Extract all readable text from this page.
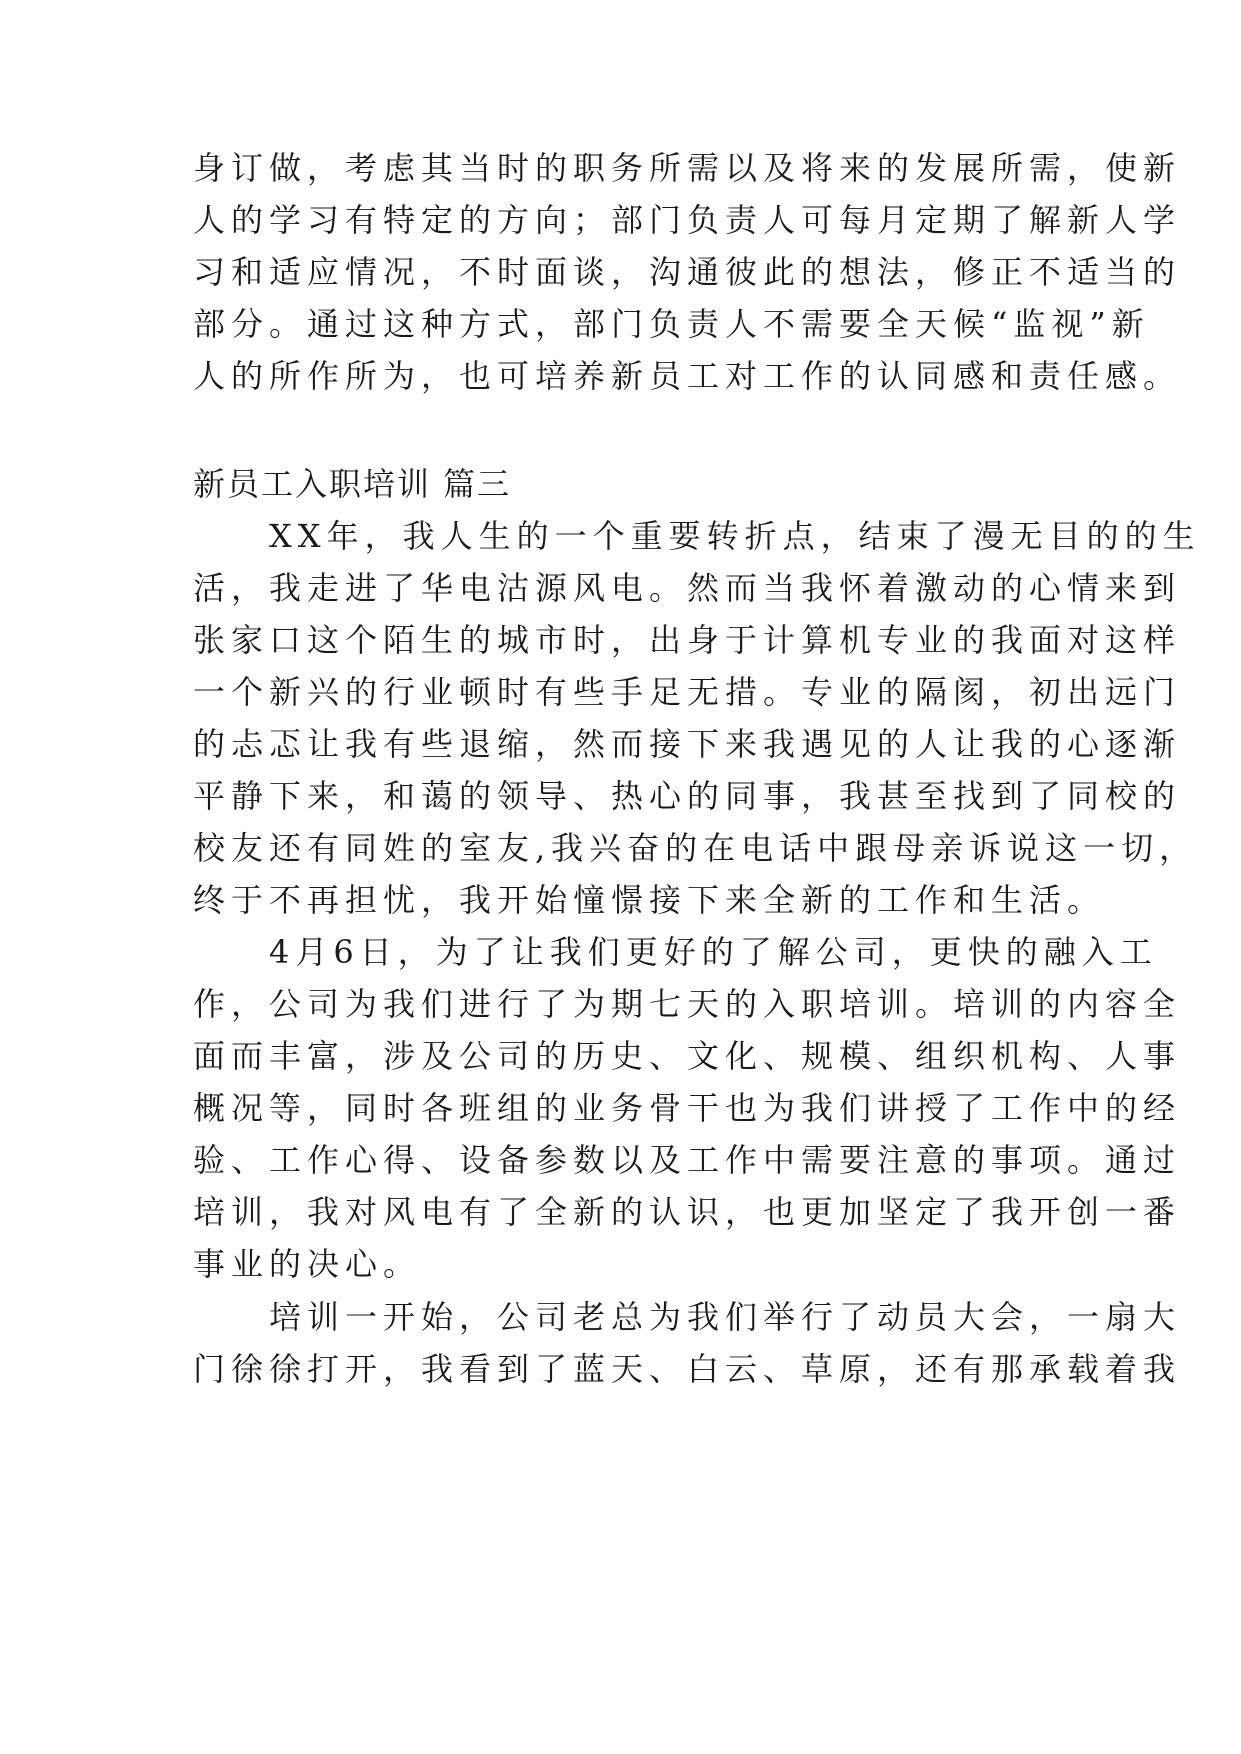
身订做，考虑其当时的职务所需以及将来的发展所需，使新
人的学习有特定的方向；部门负责人可每月定期了解新人学
习和适应情况，不时面谈，沟通彼此的想法，修正不适当的
部分。通过这种方式，部门负责人不需要全天候“监视”新
人的所作所为，也可培养新员工对工作的认同感和责任感。
新员工入职培训 篇三
　　XX年，我人生的一个重要转折点，结束了漫无目的的生
活，我走进了华电沽源风电。然而当我怀着激动的心情来到
张家口这个陌生的城市时，出身于计算机专业的我面对这样
一个新兴的行业顿时有些手足无措。专业的隔阂，初出远门
的忐忑让我有些退缩，然而接下来我遇见的人让我的心逐渐
平静下来，和蔼的领导、热心的同事，我甚至找到了同校的
校友还有同姓的室友,我兴奋的在电话中跟母亲诉说这一切，
终于不再担忧，我开始憧憬接下来全新的工作和生活。
　　4月6日，为了让我们更好的了解公司，更快的融入工
作，公司为我们进行了为期七天的入职培训。培训的内容全
面而丰富，涉及公司的历史、文化、规模、组织机构、人事
概况等，同时各班组的业务骨干也为我们讲授了工作中的经
验、工作心得、设备参数以及工作中需要注意的事项。通过
培训，我对风电有了全新的认识，也更加坚定了我开创一番
事业的决心。
　　培训一开始，公司老总为我们举行了动员大会，一扇大
门徐徐打开，我看到了蓝天、白云、草原，还有那承载着我
